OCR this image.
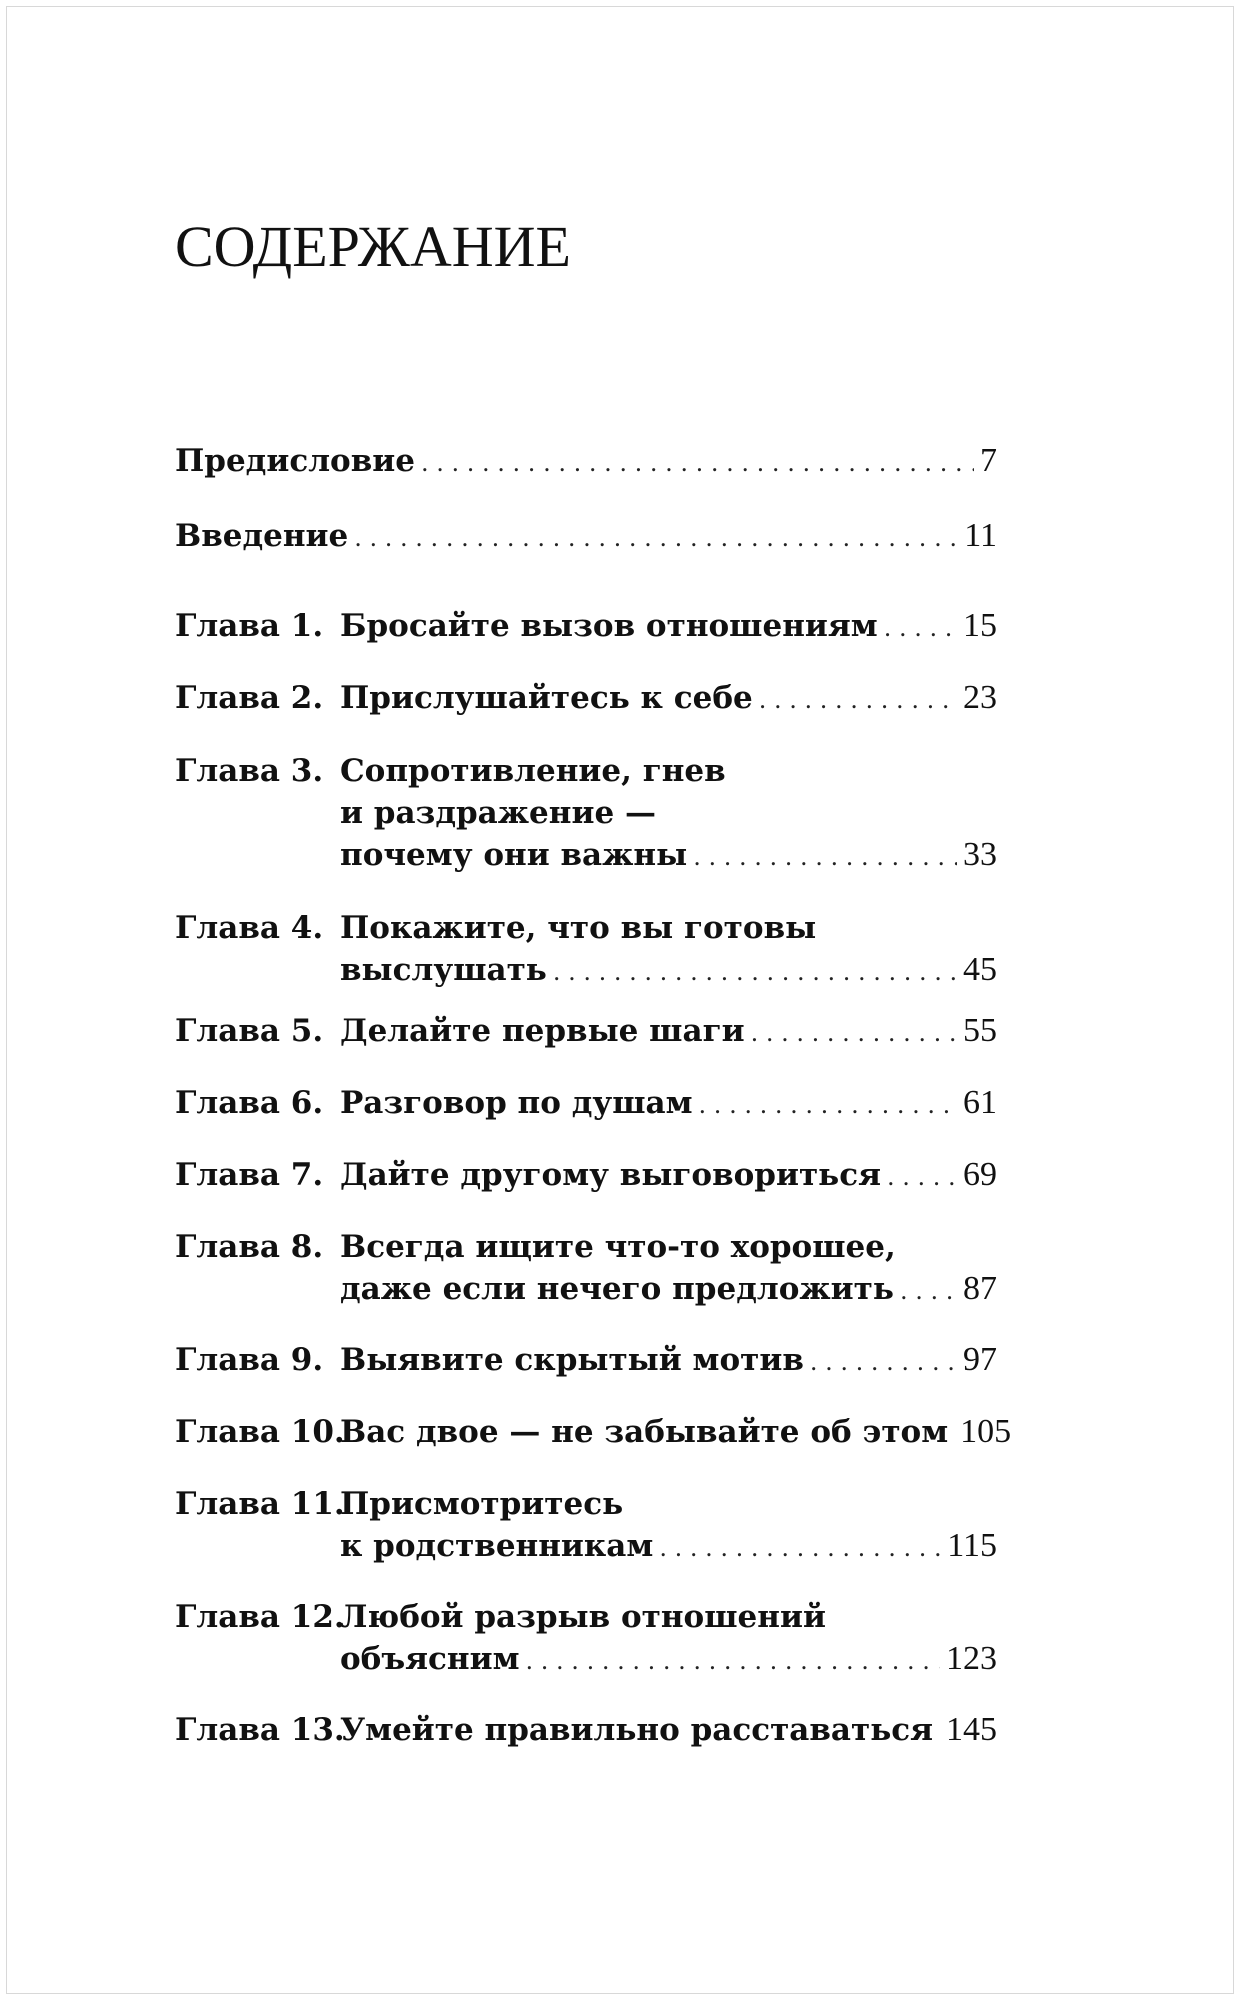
СОДЕРЖАНИЕ
Предисловие . . .	7
Введение . . .	11
Глава 1. Бросайте вызов отношениям . . .	15
Глава 2. Прислушайтесь к себе . . .	23
Глава 3. Сопротивление, гнев
и раздражение —
почему они важны . . .	33
Глава 4. Покажите, что вы готовы
выслушать . . .	45
Глава 5. Делайте первые шаги . . .	55
Глава 6. Разговор по душам . . .	61
Глава 7. Дайте другому выговориться . . . 69
Глава 8. Всегда ищите что-то хорошее,
даже если нечего предложить . . . 87
Глава 9. Выявите скрытый мотив . . .	97
Глава 10.
Вас двое — не забывайте об этом 105
Глава 11.
Присмотритесь
к родственникам . . .	115
Глава 12.
Любой разрыв отношений
объясним . . .	123
Глава 13.
Умейте правильно расставаться . . . 145
